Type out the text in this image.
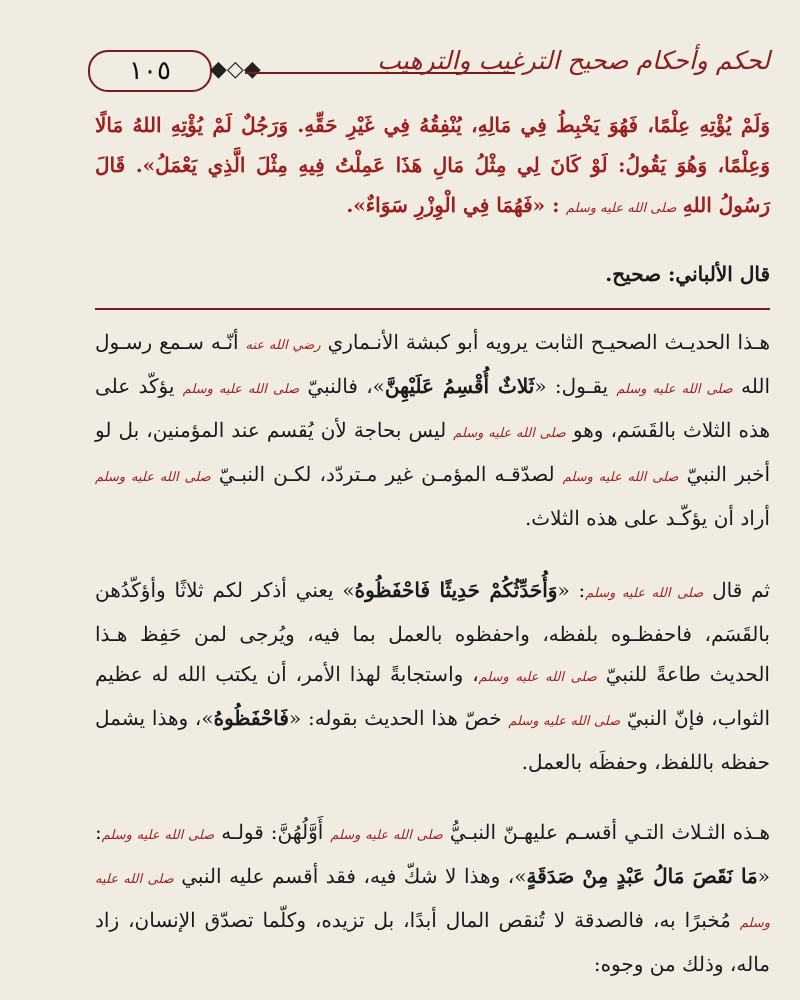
١٠٥	◆◇◆	لحكم وأحكام صحيح الترغيب والترهيب
وَلَمْ يُؤْتِهِ عِلْمًا، فَهُوَ يَخْبِطُ فِي مَالِهِ، يُنْفِقُهُ فِي غَيْرِ حَقِّهِ. وَرَجُلٌ لَمْ يُؤْتِهِ اللهُ مَالًا وَعِلْمًا، وَهُوَ يَقُولُ: لَوْ كَانَ لِي مِثْلُ مَالِ هَذَا عَمِلْتُ فِيهِ مِثْلَ الَّذِي يَعْمَلُ». قَالَ رَسُولُ اللهِ صلى الله عليه وسلم : «فَهُمَا فِي الْوِزْرِ سَوَاءٌ».
قال الألباني: صحيح.
هـذا الحديـث الصحيـح الثابت يرويه أبو كبشة الأنـماري رضي الله عنه أنّـه سـمع رسـول الله صلى الله عليه وسلم يقـول: «ثَلاثٌ أُقْسِمُ عَلَيْهِنَّ»، فالنبيّ صلى الله عليه وسلم يؤكّد على هذه الثلاث بالقَسَم، وهو صلى الله عليه وسلم ليس بحاجة لأن يُقسم عند المؤمنين، بل لو أخبر النبيّ صلى الله عليه وسلم لصدّقـه المؤمـن غير مـتردّد، لكـن النبـيّ صلى الله عليه وسلم أراد أن يؤكّـد على هذه الثلاث.
ثم قال صلى الله عليه وسلم: «وَأُحَدِّثُكُمْ حَدِيثًا فَاحْفَظُوهُ» يعني أذكر لكم ثلاثًا وأؤكّدُهن بالقَسَم، فاحفظـوه بلفظه، واحفظوه بالعمل بما فيه، ويُرجى لمن حَفِظ هـذا الحديث طاعةً للنبيّ صلى الله عليه وسلم، واستجابةً لهذا الأمر، أن يكتب الله له عظيم الثواب، فإنّ النبيّ صلى الله عليه وسلم خصّ هذا الحديث بقوله: «فَاحْفَظُوهُ»، وهذا يشمل حفظه باللفظ، وحفظَه بالعمل.
هـذه الثـلاث التـي أقسـم عليهـنّ النبـيُّ صلى الله عليه وسلم أَوَّلُهُنَّ: قولـه صلى الله عليه وسلم: «مَا نَقَصَ مَالُ عَبْدٍ مِنْ صَدَقَةٍ»، وهذا لا شكّ فيه، فقد أقسم عليه النبي صلى الله عليه وسلم مُخبرًا به، فالصدقة لا تُنقص المال أبدًا، بل تزيده، وكلّما تصدّق الإنسان، زاد ماله، وذلك من وجوه:
